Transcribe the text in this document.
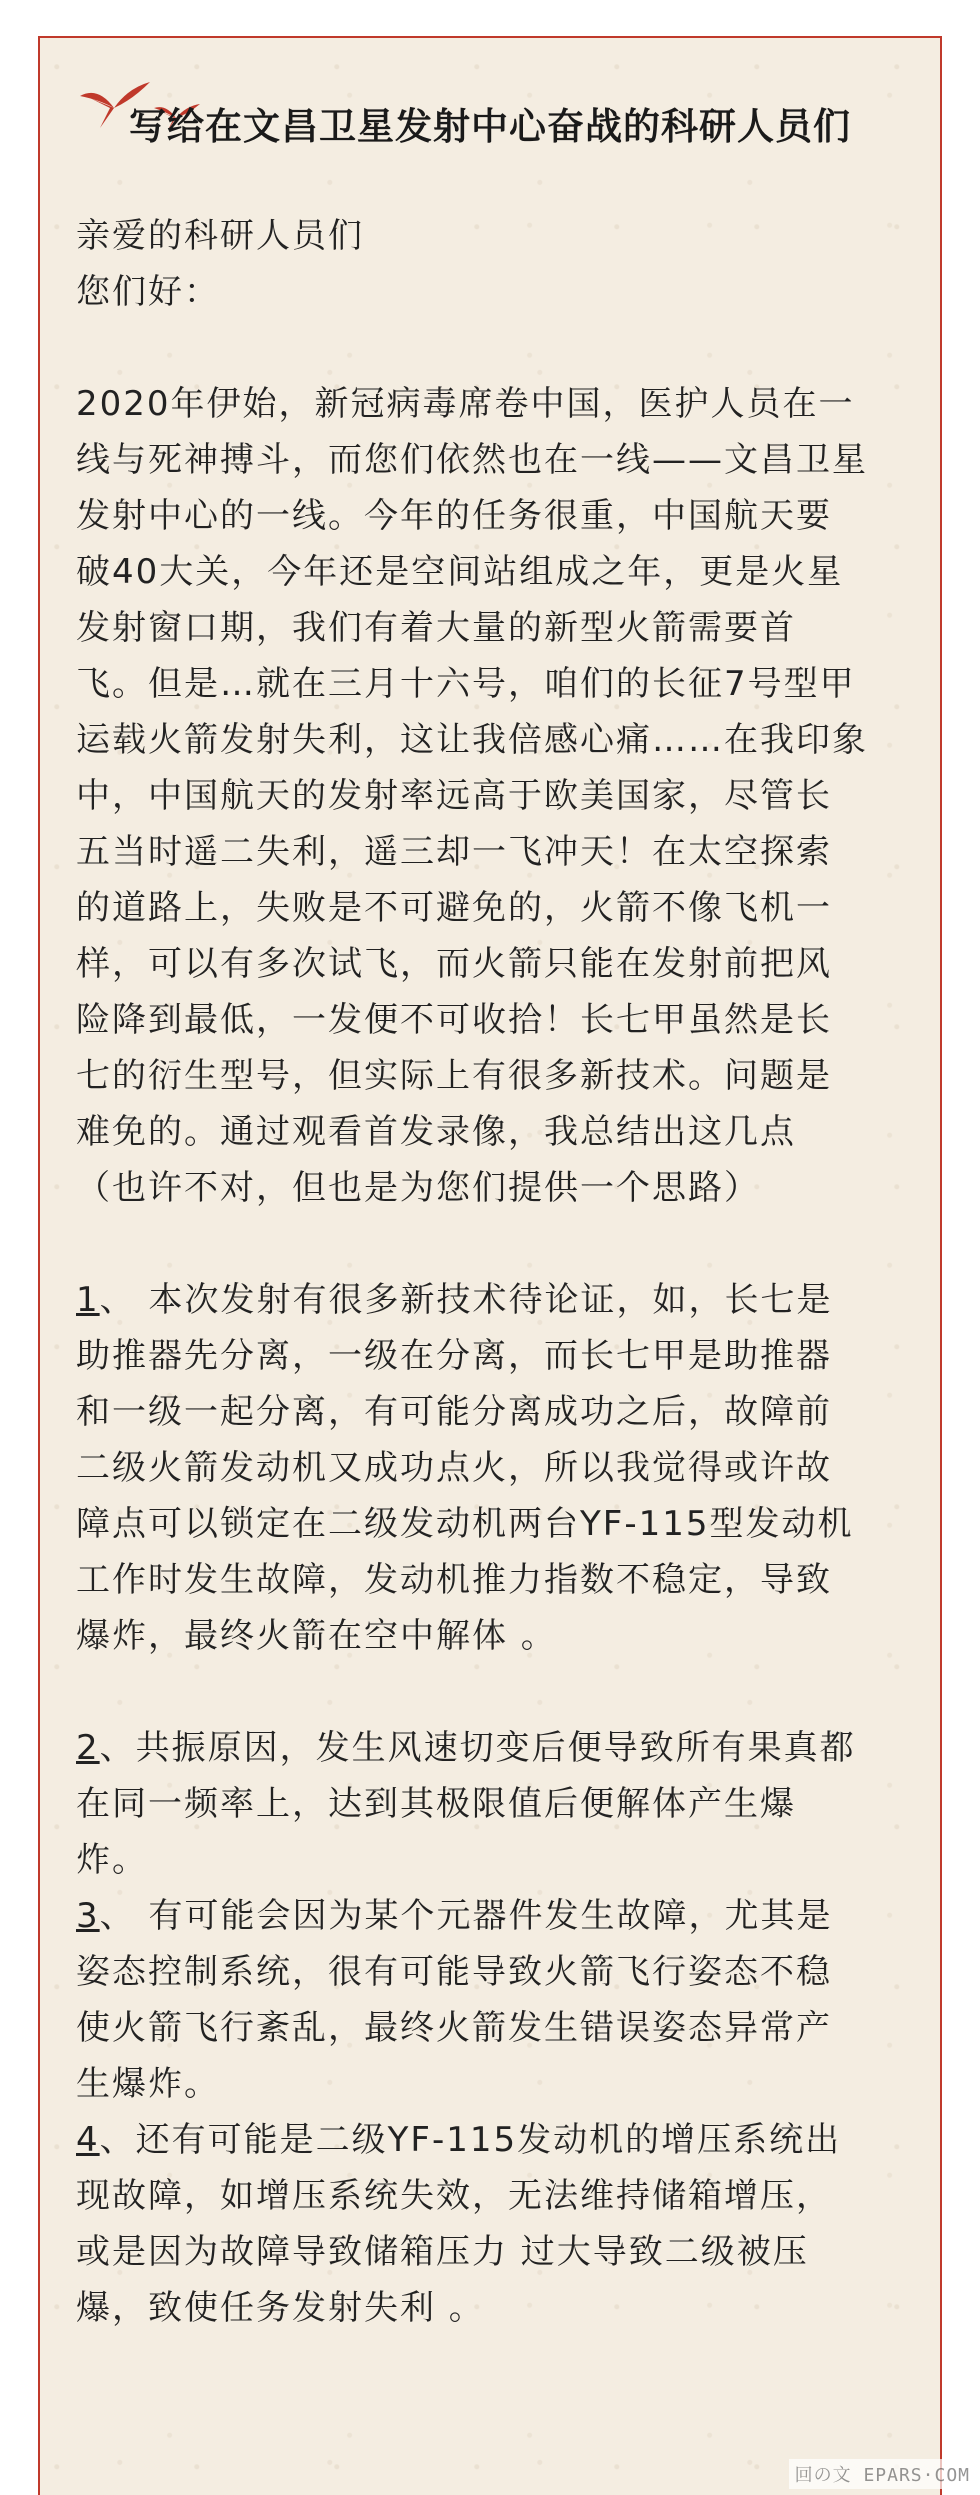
写给在文昌卫星发射中心奋战的科研人员们

亲爱的科研人员们

您们好：

2020年伊始，新冠病毒席卷中国，医护人员在一

线与死神搏斗，而您们依然也在一线——文昌卫星

发射中心的一线。今年的任务很重，中国航天要

破40大关，今年还是空间站组成之年，更是火星

发射窗口期，我们有着大量的新型火箭需要首

飞。但是…就在三月十六号，咱们的长征7号型甲

运载火箭发射失利，这让我倍感心痛……在我印象

中，中国航天的发射率远高于欧美国家，尽管长

五当时遥二失利，遥三却一飞冲天！在太空探索

的道路上，失败是不可避免的，火箭不像飞机一

样，可以有多次试飞，而火箭只能在发射前把风

险降到最低，一发便不可收拾！长七甲虽然是长

七的衍生型号，但实际上有很多新技术。问题是

难免的。通过观看首发录像，我总结出这几点

（也许不对，但也是为您们提供一个思路）

1、 本次发射有很多新技术待论证，如，长七是

助推器先分离，一级在分离，而长七甲是助推器

和一级一起分离，有可能分离成功之后，故障前

二级火箭发动机又成功点火，所以我觉得或许故

障点可以锁定在二级发动机两台YF-115型发动机

工作时发生故障，发动机推力指数不稳定，导致

爆炸，最终火箭在空中解体 。

2、共振原因，发生风速切变后便导致所有果真都

在同一频率上，达到其极限值后便解体产生爆

炸。

3、 有可能会因为某个元器件发生故障，尤其是

姿态控制系统，很有可能导致火箭飞行姿态不稳

使火箭飞行紊乱，最终火箭发生错误姿态异常产

生爆炸。

4、还有可能是二级YF-115发动机的增压系统出

现故障，如增压系统失效，无法维持储箱增压，

或是因为故障导致储箱压力 过大导致二级被压

爆，致使任务发射失利 。

回の文 EPARS·COM
